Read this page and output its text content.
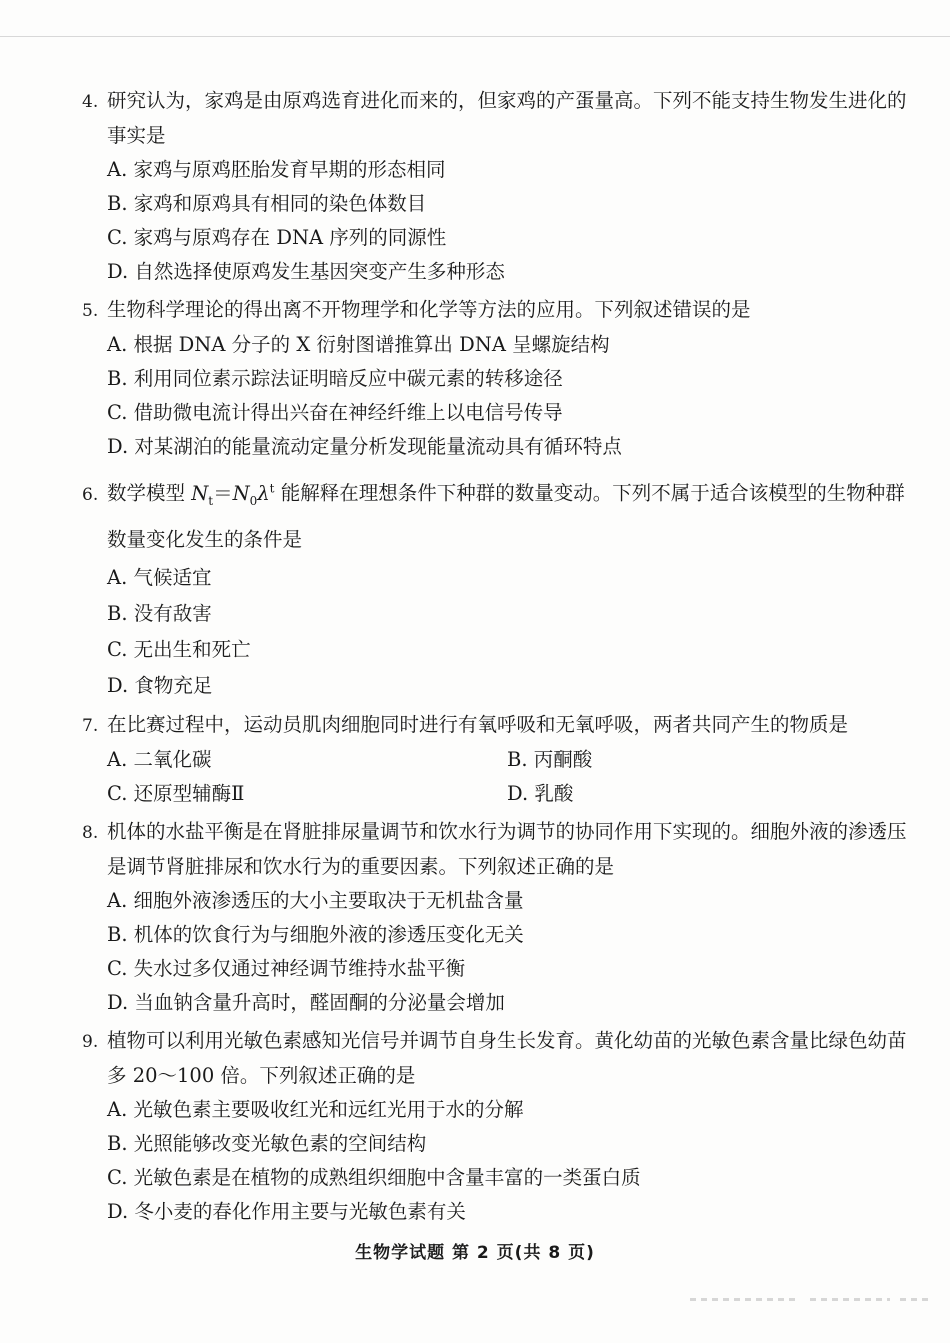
4. 研究认为，家鸡是由原鸡选育进化而来的，但家鸡的产蛋量高。下列不能支持生物发生进化的事实是

A. 家鸡与原鸡胚胎发育早期的形态相同
B. 家鸡和原鸡具有相同的染色体数目
C. 家鸡与原鸡存在 DNA 序列的同源性
D. 自然选择使原鸡发生基因突变产生多种形态

5. 生物科学理论的得出离不开物理学和化学等方法的应用。下列叙述错误的是

A. 根据 DNA 分子的 X 衍射图谱推算出 DNA 呈螺旋结构
B. 利用同位素示踪法证明暗反应中碳元素的转移途径
C. 借助微电流计得出兴奋在神经纤维上以电信号传导
D. 对某湖泊的能量流动定量分析发现能量流动具有循环特点

6. 数学模型 $N_t=N_0\lambda^t$ 能解释在理想条件下种群的数量变动。下列不属于适合该模型的生物种群数量变化发生的条件是

A. 气候适宜
B. 没有敌害
C. 无出生和死亡
D. 食物充足

7. 在比赛过程中，运动员肌肉细胞同时进行有氧呼吸和无氧呼吸，两者共同产生的物质是

A. 二氧化碳	B. 丙酮酸
C. 还原型辅酶Ⅱ	D. 乳酸

8. 机体的水盐平衡是在肾脏排尿量调节和饮水行为调节的协同作用下实现的。细胞外液的渗透压是调节肾脏排尿和饮水行为的重要因素。下列叙述正确的是

A. 细胞外液渗透压的大小主要取决于无机盐含量
B. 机体的饮食行为与细胞外液的渗透压变化无关
C. 失水过多仅通过神经调节维持水盐平衡
D. 当血钠含量升高时，醛固酮的分泌量会增加

9. 植物可以利用光敏色素感知光信号并调节自身生长发育。黄化幼苗的光敏色素含量比绿色幼苗多 20～100 倍。下列叙述正确的是

A. 光敏色素主要吸收红光和远红光用于水的分解
B. 光照能够改变光敏色素的空间结构
C. 光敏色素是在植物的成熟组织细胞中含量丰富的一类蛋白质
D. 冬小麦的春化作用主要与光敏色素有关
生物学试题 第 2 页(共 8 页)
